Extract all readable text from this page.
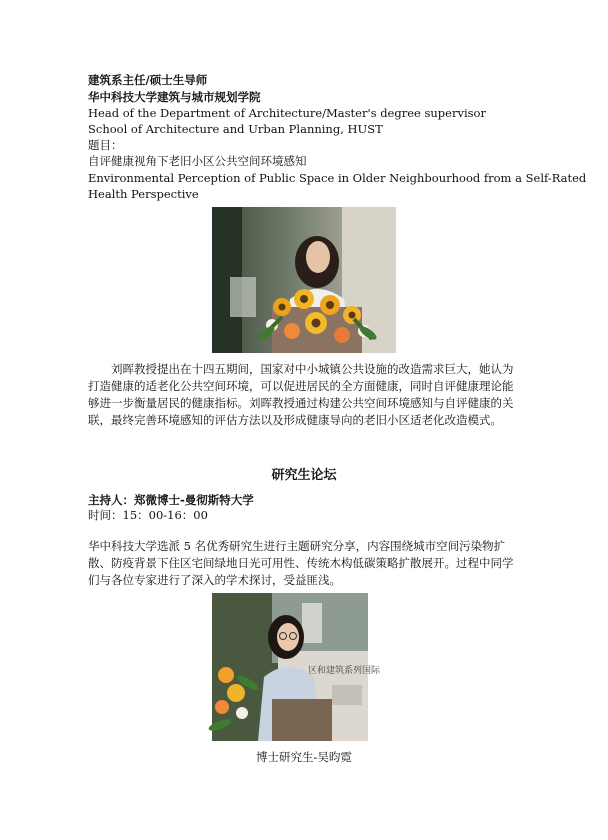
建筑系主任/硕士生导师
华中科技大学建筑与城市规划学院
Head of the Department of Architecture/Master's degree supervisor
School of Architecture and Urban Planning, HUST
题目：
自评健康视角下老旧小区公共空间环境感知
Environmental Perception of Public Space in Older Neighbourhood from a Self-Rated
Health Perspective
刘晖教授提出在十四五期间，国家对中小城镇公共设施的改造需求巨大，她认为打造健康的适老化公共空间环境，可以促进居民的全方面健康，同时自评健康理论能够进一步衡量居民的健康指标。刘晖教授通过构建公共空间环境感知与自评健康的关联，最终完善环境感知的评估方法以及形成健康导向的老旧小区适老化改造模式。
研究生论坛
主持人：郑微博士-曼彻斯特大学
时间：15：00-16：00
华中科技大学选派 5 名优秀研究生进行主题研究分享，内容围绕城市空间污染物扩散、防疫背景下住区宅间绿地日光可用性、传统木构低碳策略扩散展开。过程中同学们与各位专家进行了深入的学术探讨，受益匪浅。
区和建筑系列国际
博士研究生-吴昀霓
